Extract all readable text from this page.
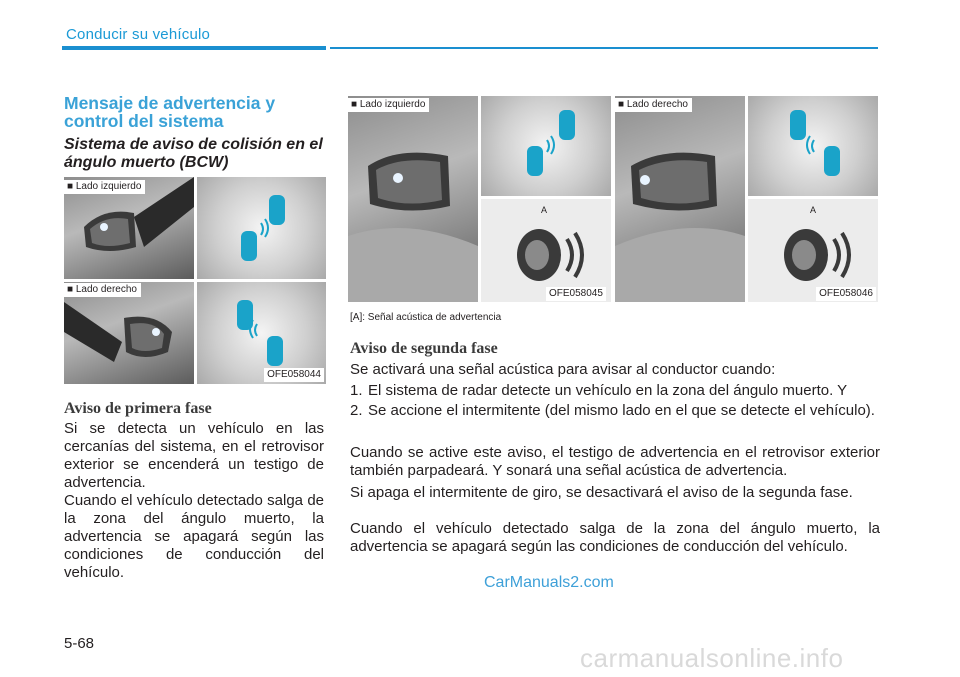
Conducir su vehículo
Mensaje de advertencia y control del sistema
Sistema de aviso de colisión en el ángulo muerto (BCW)
■ Lado izquierdo
■ Lado derecho
OFE058044
Aviso de primera fase

Si se detecta un vehículo en las cercanías del sistema, en el retrovisor exterior se encenderá un testigo de advertencia.

Cuando el vehículo detectado salga de la zona del ángulo muerto, la advertencia se apagará según las condiciones de conducción del vehículo.

A
■ Lado izquierdo
OFE058045
A
■ Lado derecho
OFE058046
[A]: Señal acústica de advertencia
Aviso de segunda fase

Se activará una señal acústica para avisar al conductor cuando:

1. El sistema de radar detecte un vehículo en la zona del ángulo muerto. Y
2. Se accione el intermitente (del mismo lado en el que se detecte el vehículo).

Cuando se active este aviso, el testigo de advertencia en el retrovisor exterior también parpadeará. Y sonará una señal acústica de advertencia.

Si apaga el intermitente de giro, se desactivará el aviso de la segunda fase.

Cuando el vehículo detectado salga de la zona del ángulo muerto, la advertencia se apagará según las condiciones de conducción del vehículo.

CarManuals2.com
5-68	carmanualsonline.info
